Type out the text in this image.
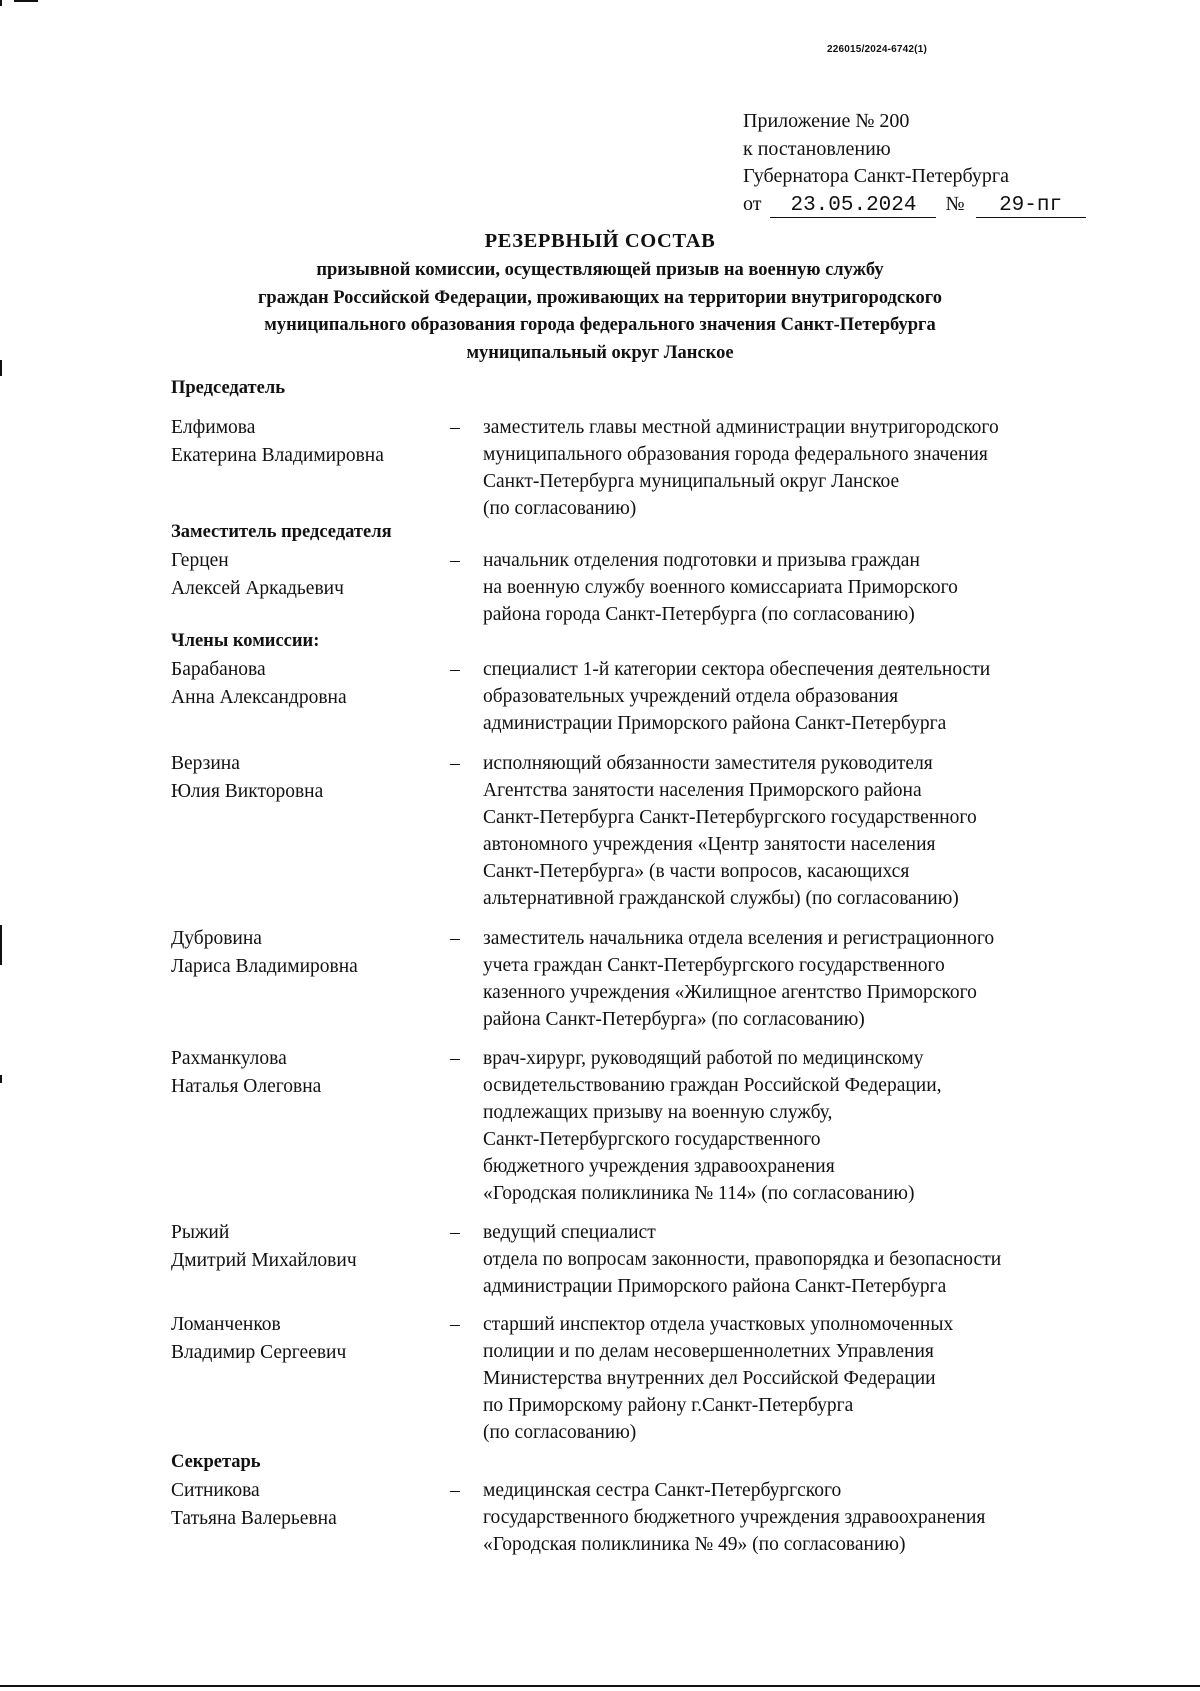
226015/2024-6742(1)
Приложение № 200
к постановлению
Губернатора Санкт-Петербурга
от 23.05.2024 № 29-пг
РЕЗЕРВНЫЙ СОСТАВ
призывной комиссии, осуществляющей призыв на военную службу
граждан Российской Федерации, проживающих на территории внутригородского
муниципального образования города федерального значения Санкт-Петербурга
муниципальный округ Ланское
Председатель
Елфимова
Екатерина Владимировна
– заместитель главы местной администрации внутригородского
муниципального образования города федерального значения
Санкт-Петербурга муниципальный округ Ланское
(по согласованию)
Заместитель председателя
Герцен
Алексей Аркадьевич
– начальник отделения подготовки и призыва граждан
на военную службу военного комиссариата Приморского
района города Санкт-Петербурга (по согласованию)
Члены комиссии:
Барабанова
Анна Александровна
– специалист 1-й категории сектора обеспечения деятельности
образовательных учреждений отдела образования
администрации Приморского района Санкт-Петербурга
Верзина
Юлия Викторовна
– исполняющий обязанности заместителя руководителя
Агентства занятости населения Приморского района
Санкт-Петербурга Санкт-Петербургского государственного
автономного учреждения «Центр занятости населения
Санкт-Петербурга» (в части вопросов, касающихся
альтернативной гражданской службы) (по согласованию)
Дубровина
Лариса Владимировна
– заместитель начальника отдела вселения и регистрационного
учета граждан Санкт-Петербургского государственного
казенного учреждения «Жилищное агентство Приморского
района Санкт-Петербурга» (по согласованию)
Рахманкулова
Наталья Олеговна
– врач-хирург, руководящий работой по медицинскому
освидетельствованию граждан Российской Федерации,
подлежащих призыву на военную службу,
Санкт-Петербургского государственного
бюджетного учреждения здравоохранения
«Городская поликлиника № 114» (по согласованию)
Рыжий
Дмитрий Михайлович
– ведущий специалист
отдела по вопросам законности, правопорядка и безопасности
администрации Приморского района Санкт-Петербурга
Ломанченков
Владимир Сергеевич
– старший инспектор отдела участковых уполномоченных
полиции и по делам несовершеннолетних Управления
Министерства внутренних дел Российской Федерации
по Приморскому району г.Санкт-Петербурга
(по согласованию)
Секретарь
Ситникова
Татьяна Валерьевна
– медицинская сестра Санкт-Петербургского
государственного бюджетного учреждения здравоохранения
«Городская поликлиника № 49» (по согласованию)
